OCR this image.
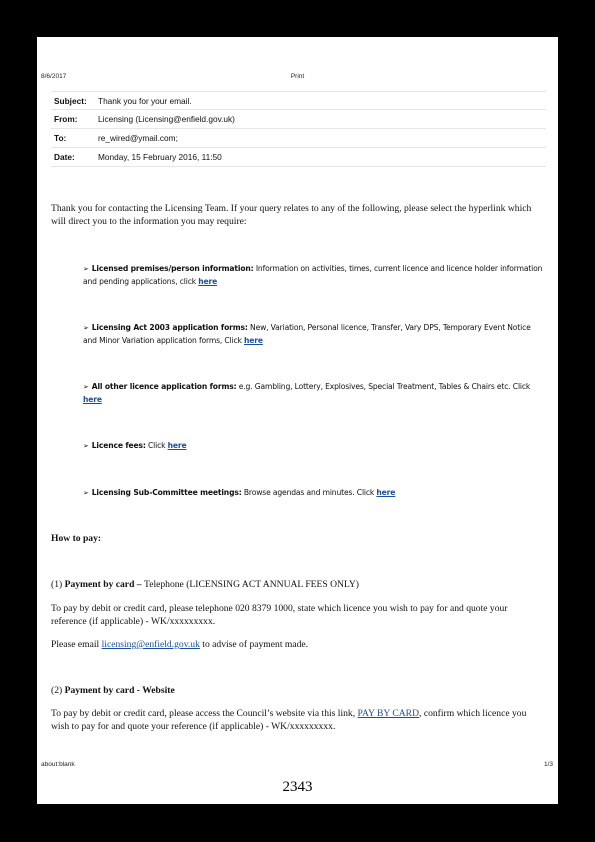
8/6/2017	Print
Subject:	Thank you for your email.
From:	Licensing (Licensing@enfield.gov.uk)
To:	re_wired@ymail.com;
Date:	Monday, 15 February 2016, 11:50

Thank you for contacting the Licensing Team. If your query relates to any of the following, please select the hyperlink which will direct you to the information you may require:

➢ Licensed premises/person information: Information on activities, times, current licence and licence holder information and pending applications, click here

➢ Licensing Act 2003 application forms: New, Variation, Personal licence, Transfer, Vary DPS, Temporary Event Notice and Minor Variation application forms, Click here

➢ All other licence application forms: e.g. Gambling, Lottery, Explosives, Special Treatment, Tables & Chairs etc. Click here

➢ Licence fees: Click here

➢ Licensing Sub-Committee meetings: Browse agendas and minutes. Click here

How to pay:

(1) Payment by card – Telephone (LICENSING ACT ANNUAL FEES ONLY)

To pay by debit or credit card, please telephone 020 8379 1000, state which licence you wish to pay for and quote your reference (if applicable) - WK/xxxxxxxxx.

Please email licensing@enfield.gov.uk to advise of payment made.

(2) Payment by card - Website

To pay by debit or credit card, please access the Council’s website via this link, PAY BY CARD, confirm which licence you wish to pay for and quote your reference (if applicable) - WK/xxxxxxxxx.

about:blank	1/3
2343
